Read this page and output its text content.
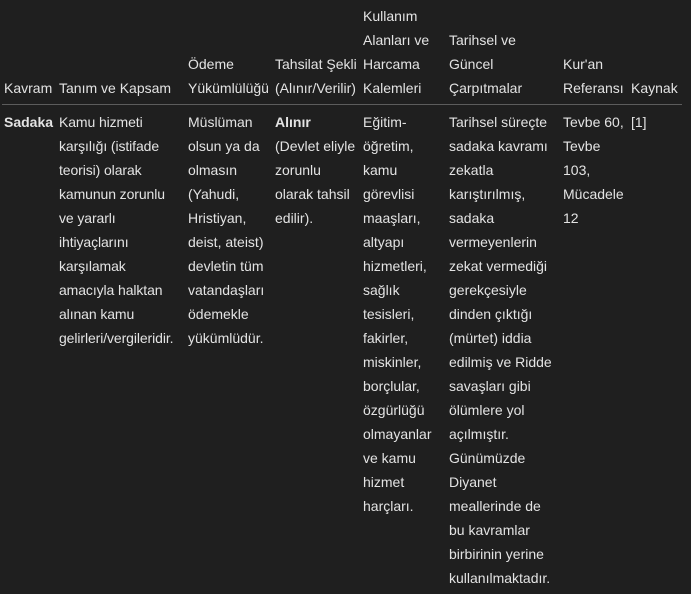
Kavram Tanım ve Kapsam
Ödeme
Yükümlülüğü
Tahsilat Şekli
(Alınır/Verilir)
Kullanım
Alanları ve
Harcama
Kalemleri
Tarihsel ve
Güncel
Çarpıtmalar
Kur'an
Referansı Kaynak
Sadaka Kamu hizmeti
karşılığı (istifade
teorisi) olarak
kamunun zorunlu
ve yararlı
ihtiyaçlarını
karşılamak
amacıyla halktan
alınan kamu
gelirleri/vergileridir.
Müslüman
olsun ya da
olmasın
(Yahudi,
Hristiyan,
deist, ateist)
devletin tüm
vatandaşları
ödemekle
yükümlüdür.
Alınır
(Devlet eliyle
zorunlu
olarak tahsil
edilir).
Eğitim-
öğretim,
kamu
görevlisi
maaşları,
altyapı
hizmetleri,
sağlık
tesisleri,
fakirler,
miskinler,
borçlular,
özgürlüğü
olmayanlar
ve kamu
hizmet
harçları.
Tarihsel süreçte
sadaka kavramı
zekatla
karıştırılmış,
sadaka
vermeyenlerin
zekat vermediği
gerekçesiyle
dinden çıktığı
(mürtet) iddia
edilmiş ve Ridde
savaşları gibi
ölümlere yol
açılmıştır.
Günümüzde
Diyanet
meallerinde de
bu kavramlar
birbirinin yerine
kullanılmaktadır.
Tevbe 60,
Tevbe
103,
Mücadele
12
[1]
